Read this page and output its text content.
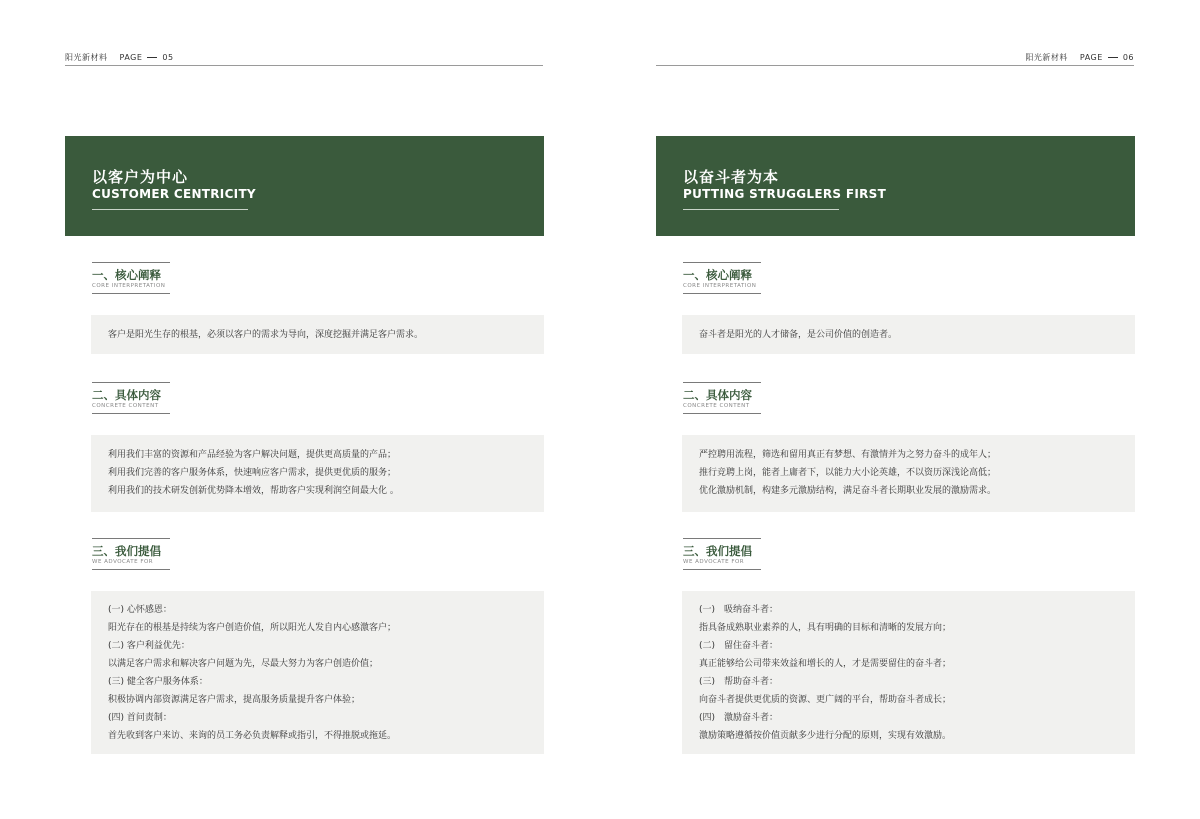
阳光新材料 PAGE	05
以客户为中心
CUSTOMER CENTRICITY
一、核心阐释
CORE INTERPRETATION
客户是阳光生存的根基，必须以客户的需求为导向，深度挖掘并满足客户需求。
二、具体内容
CONCRETE CONTENT
利用我们丰富的资源和产品经验为客户解决问题，提供更高质量的产品；
利用我们完善的客户服务体系，快速响应客户需求，提供更优质的服务；
利用我们的技术研发创新优势降本增效，帮助客户实现利润空间最大化 。
三、我们提倡
WE ADVOCATE FOR
(一) 心怀感恩：
阳光存在的根基是持续为客户创造价值，所以阳光人发自内心感激客户；
(二) 客户利益优先：
以满足客户需求和解决客户问题为先，尽最大努力为客户创造价值；
(三) 健全客户服务体系：
积极协调内部资源满足客户需求，提高服务质量提升客户体验；
(四) 首问责制：
首先收到客户来访、来询的员工务必负责解释或指引，不得推脱或拖延。
阳光新材料 PAGE	06
以奋斗者为本
PUTTING STRUGGLERS FIRST
一、核心阐释
CORE INTERPRETATION
奋斗者是阳光的人才储备，是公司价值的创造者。
二、具体内容
CONCRETE CONTENT
严控聘用流程，筛选和留用真正有梦想、有激情并为之努力奋斗的成年人；
推行竞聘上岗，能者上庸者下，以能力大小论英雄，不以资历深浅论高低；
优化激励机制，构建多元激励结构，满足奋斗者长期职业发展的激励需求。
三、我们提倡
WE ADVOCATE FOR
(一)　吸纳奋斗者：
指具备成熟职业素养的人，具有明确的目标和清晰的发展方向；
(二)　留住奋斗者：
真正能够给公司带来效益和增长的人，才是需要留住的奋斗者；
(三)　帮助奋斗者：
向奋斗者提供更优质的资源、更广阔的平台，帮助奋斗者成长；
(四)　激励奋斗者：
激励策略遵循按价值贡献多少进行分配的原则，实现有效激励。
